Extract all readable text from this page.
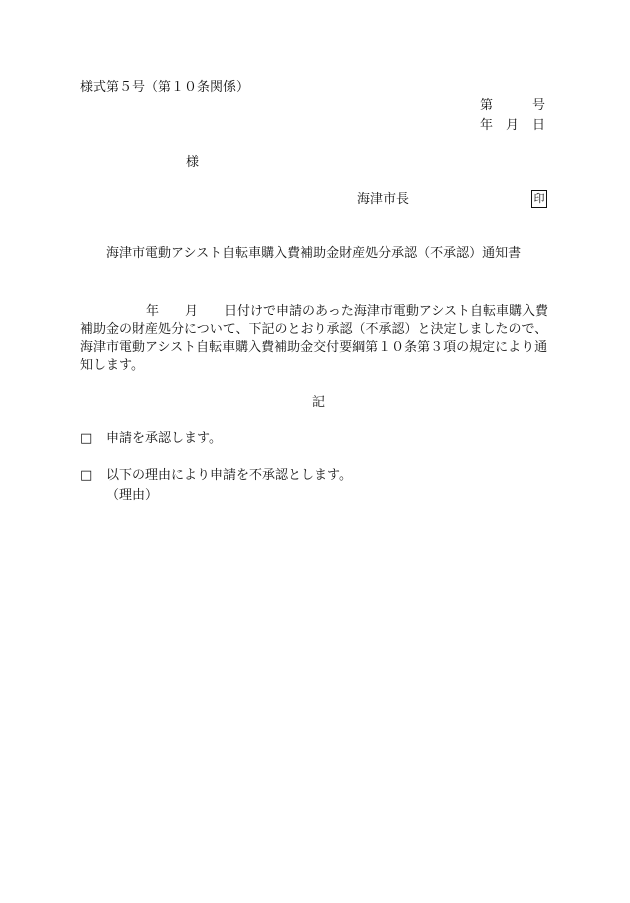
様式第５号（第１０条関係）
第　　　号
年　月　日
様
海津市長	印
海津市電動アシスト自転車購入費補助金財産処分承認（不承認）通知書
年　　月　　日付けで申請のあった海津市電動アシスト自転車購入費
補助金の財産処分について、下記のとおり承認（不承認）と決定しましたので、
海津市電動アシスト自転車購入費補助金交付要綱第１０条第３項の規定により通
知します。
記
□ 申請を承認します。
□ 以下の理由により申請を不承認とします。
（理由）
